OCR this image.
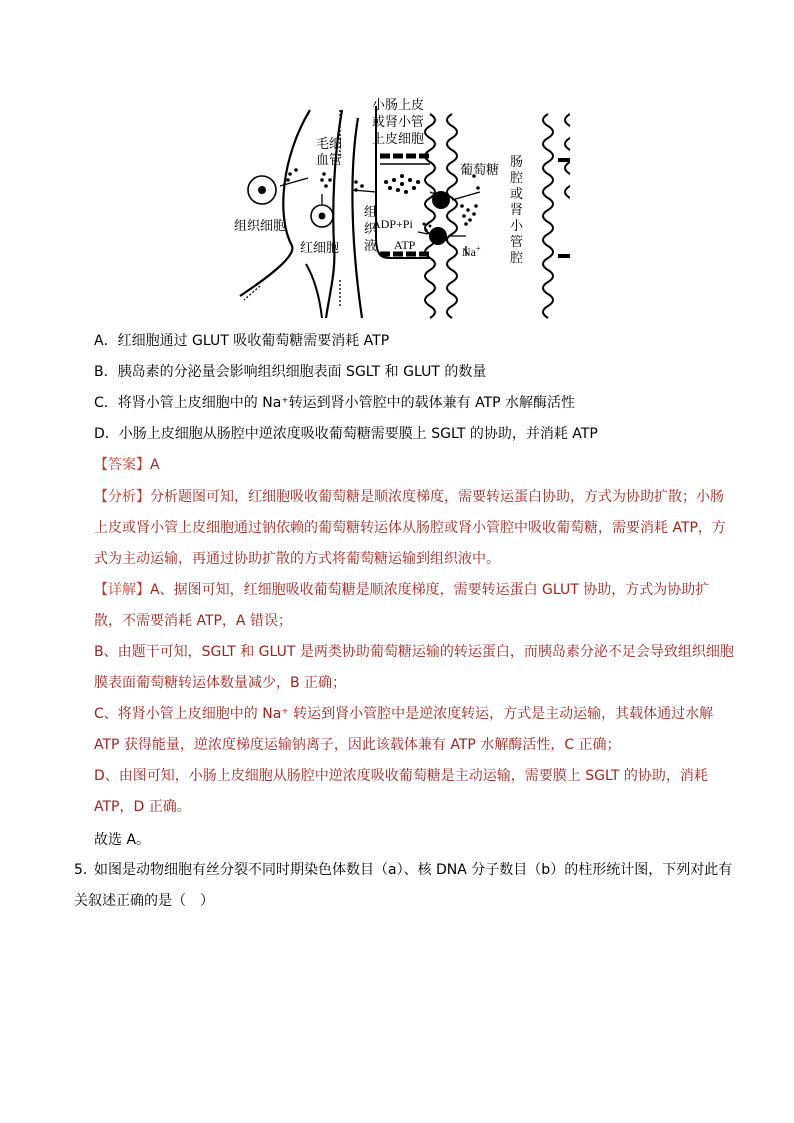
小肠上皮
或肾小管
上皮细胞
毛细
血管
组织细胞
红细胞
组
织
液
葡萄糖
ADP+Pi
ATP	Na+
肠
腔
或
肾
小
管
腔
A．红细胞通过 GLUT 吸收葡萄糖需要消耗 ATP
B．胰岛素的分泌量会影响组织细胞表面 SGLT 和 GLUT 的数量
C．将肾小管上皮细胞中的 Na⁺转运到肾小管腔中的载体兼有 ATP 水解酶活性
D．小肠上皮细胞从肠腔中逆浓度吸收葡萄糖需要膜上 SGLT 的协助，并消耗 ATP
【答案】A
【分析】分析题图可知，红细胞吸收葡萄糖是顺浓度梯度，需要转运蛋白协助，方式为协助扩散；小肠上皮或肾小管上皮细胞通过钠依赖的葡萄糖转运体从肠腔或肾小管腔中吸收葡萄糖，需要消耗 ATP，方式为主动运输，再通过协助扩散的方式将葡萄糖运输到组织液中。
【详解】A、据图可知，红细胞吸收葡萄糖是顺浓度梯度，需要转运蛋白 GLUT 协助，方式为协助扩散，不需要消耗 ATP，A 错误；
B、由题干可知，SGLT 和 GLUT 是两类协助葡萄糖运输的转运蛋白，而胰岛素分泌不足会导致组织细胞膜表面葡萄糖转运体数量减少，B 正确；
C、将肾小管上皮细胞中的 Na⁺ 转运到肾小管腔中是逆浓度转运，方式是主动运输，其载体通过水解 ATP 获得能量，逆浓度梯度运输钠离子，因此该载体兼有 ATP 水解酶活性，C 正确；
D、由图可知，小肠上皮细胞从肠腔中逆浓度吸收葡萄糖是主动运输，需要膜上 SGLT 的协助，消耗 ATP，D 正确。
故选 A。
5．如图是动物细胞有丝分裂不同时期染色体数目（a）、核 DNA 分子数目（b）的柱形统计图，下列对此有关叙述正确的是（　）
